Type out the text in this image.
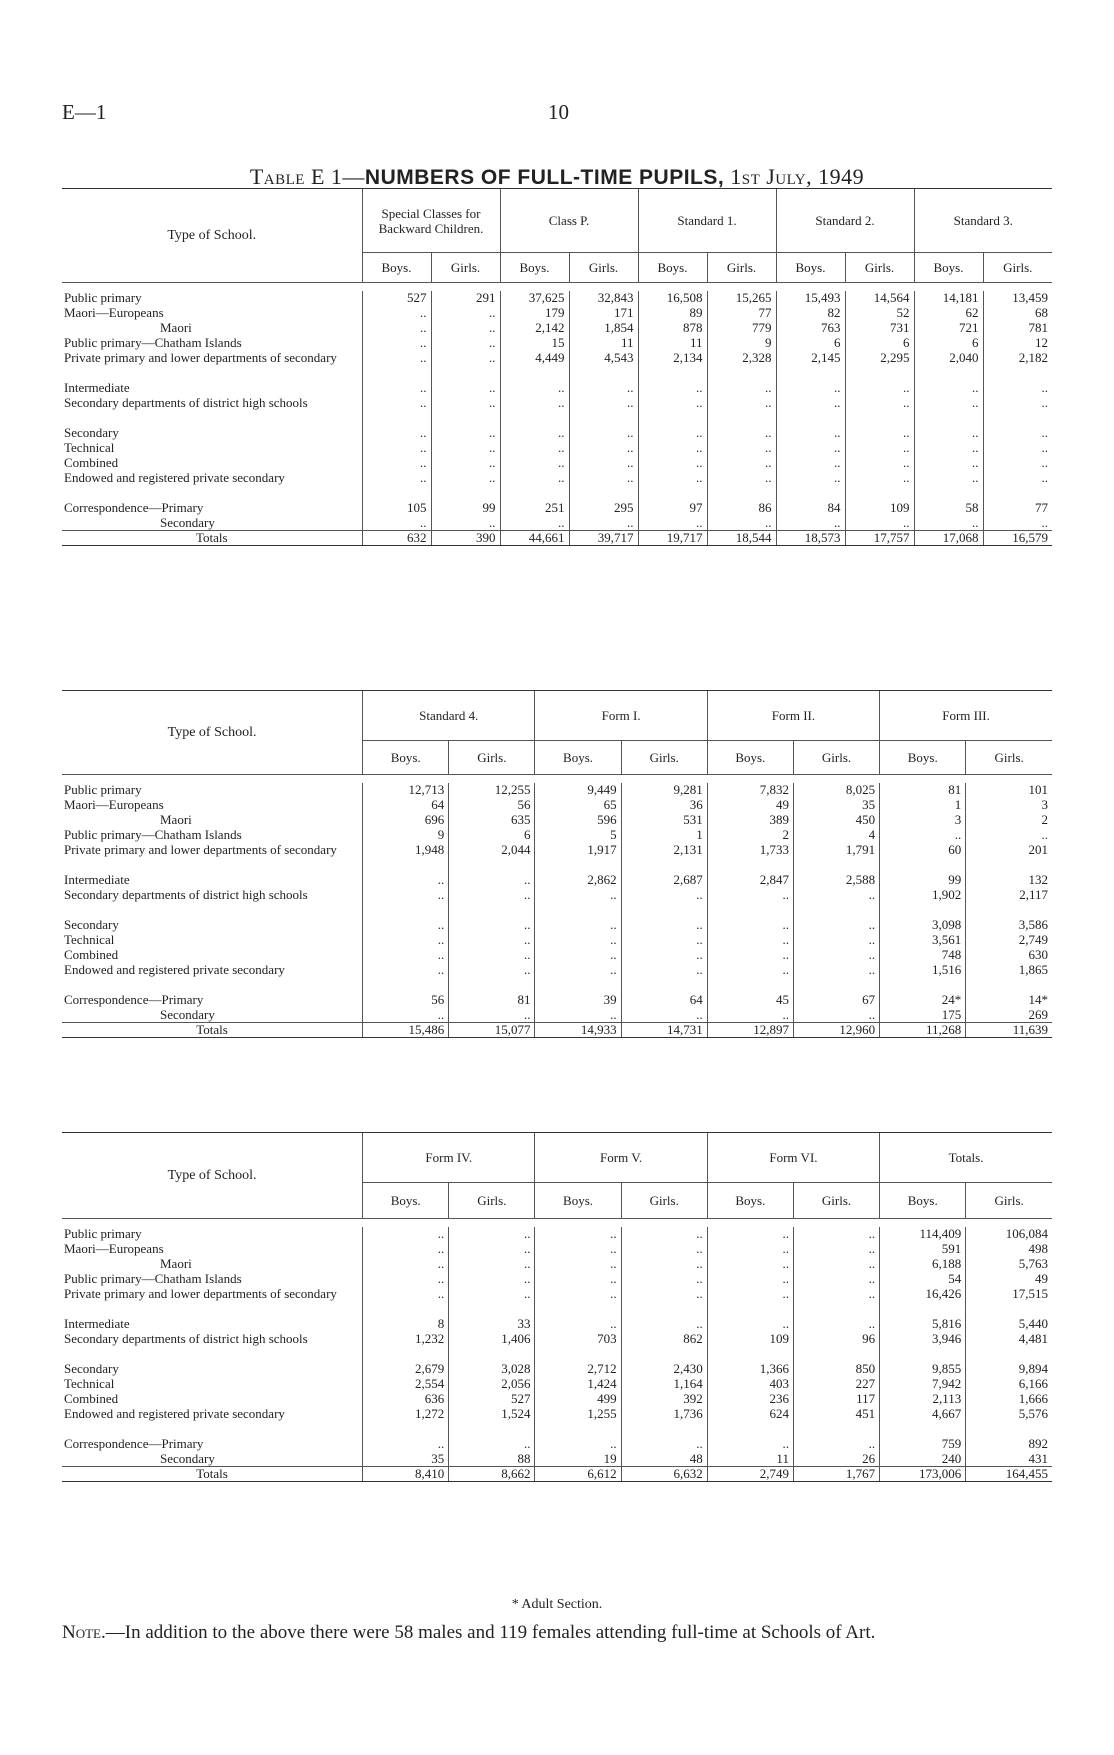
E—1	10
Table E 1—NUMBERS OF FULL-TIME PUPILS, 1st July, 1949
Type of School.	Special Classes for Backward Children.		Class P.		Standard 1.		Standard 2.		Standard 3.	
	Boys.	Girls.	Boys.	Girls.	Boys.	Girls.	Boys.	Girls.	Boys.	Girls.

Public primary	527	291	37,625	32,843	16,508	15,265	15,493	14,564	14,181	13,459
Maori—Europeans	..	..	179	171	89	77	82	52	62	68
Maori	..	..	2,142	1,854	878	779	763	731	721	781
Public primary—Chatham Islands	..	..	15	11	11	9	6	6	6	12
Private primary and lower departments of secondary	..	..	4,449	4,543	2,134	2,328	2,145	2,295	2,040	2,182
Intermediate	..	..	..	..	..	..	..	..	..	..
Secondary departments of district high schools	..	..	..	..	..	..	..	..	..	..
Secondary	..	..	..	..	..	..	..	..	..	..
Technical	..	..	..	..	..	..	..	..	..	..
Combined	..	..	..	..	..	..	..	..	..	..
Endowed and registered private secondary	..	..	..	..	..	..	..	..	..	..
Correspondence—Primary	105	99	251	295	97	86	84	109	58	77
Secondary	..	..	..	..	..	..	..	..	..	..
Totals	632	390	44,661	39,717	19,717	18,544	18,573	17,757	17,068	16,579
Type of School.	Standard 4.		Form I.		Form II.		Form III.	
	Boys.	Girls.	Boys.	Girls.	Boys.	Girls.	Boys.	Girls.

Public primary	12,713	12,255	9,449	9,281	7,832	8,025	81	101
Maori—Europeans	64	56	65	36	49	35	1	3
Maori	696	635	596	531	389	450	3	2
Public primary—Chatham Islands	9	6	5	1	2	4	..	..
Private primary and lower departments of secondary	1,948	2,044	1,917	2,131	1,733	1,791	60	201
Intermediate	..	..	2,862	2,687	2,847	2,588	99	132
Secondary departments of district high schools	..	..	..	..	..	..	1,902	2,117
Secondary	..	..	..	..	..	..	3,098	3,586
Technical	..	..	..	..	..	..	3,561	2,749
Combined	..	..	..	..	..	..	748	630
Endowed and registered private secondary	..	..	..	..	..	..	1,516	1,865
Correspondence—Primary	56	81	39	64	45	67	24*	14*
Secondary	..	..	..	..	..	..	175	269
Totals	15,486	15,077	14,933	14,731	12,897	12,960	11,268	11,639
Type of School.	Form IV.		Form V.		Form VI.		Totals.	
	Boys.	Girls.	Boys.	Girls.	Boys.	Girls.	Boys.	Girls.

Public primary	..	..	..	..	..	..	114,409	106,084
Maori—Europeans	..	..	..	..	..	..	591	498
Maori	..	..	..	..	..	..	6,188	5,763
Public primary—Chatham Islands	..	..	..	..	..	..	54	49
Private primary and lower departments of secondary	..	..	..	..	..	..	16,426	17,515
Intermediate	8	33	..	..	..	..	5,816	5,440
Secondary departments of district high schools	1,232	1,406	703	862	109	96	3,946	4,481
Secondary	2,679	3,028	2,712	2,430	1,366	850	9,855	9,894
Technical	2,554	2,056	1,424	1,164	403	227	7,942	6,166
Combined	636	527	499	392	236	117	2,113	1,666
Endowed and registered private secondary	1,272	1,524	1,255	1,736	624	451	4,667	5,576
Correspondence—Primary	..	..	..	..	..	..	759	892
Secondary	35	88	19	48	11	26	240	431
Totals	8,410	8,662	6,612	6,632	2,749	1,767	173,006	164,455
* Adult Section.
Note.—In addition to the above there were 58 males and 119 females attending full-time at Schools of Art.
